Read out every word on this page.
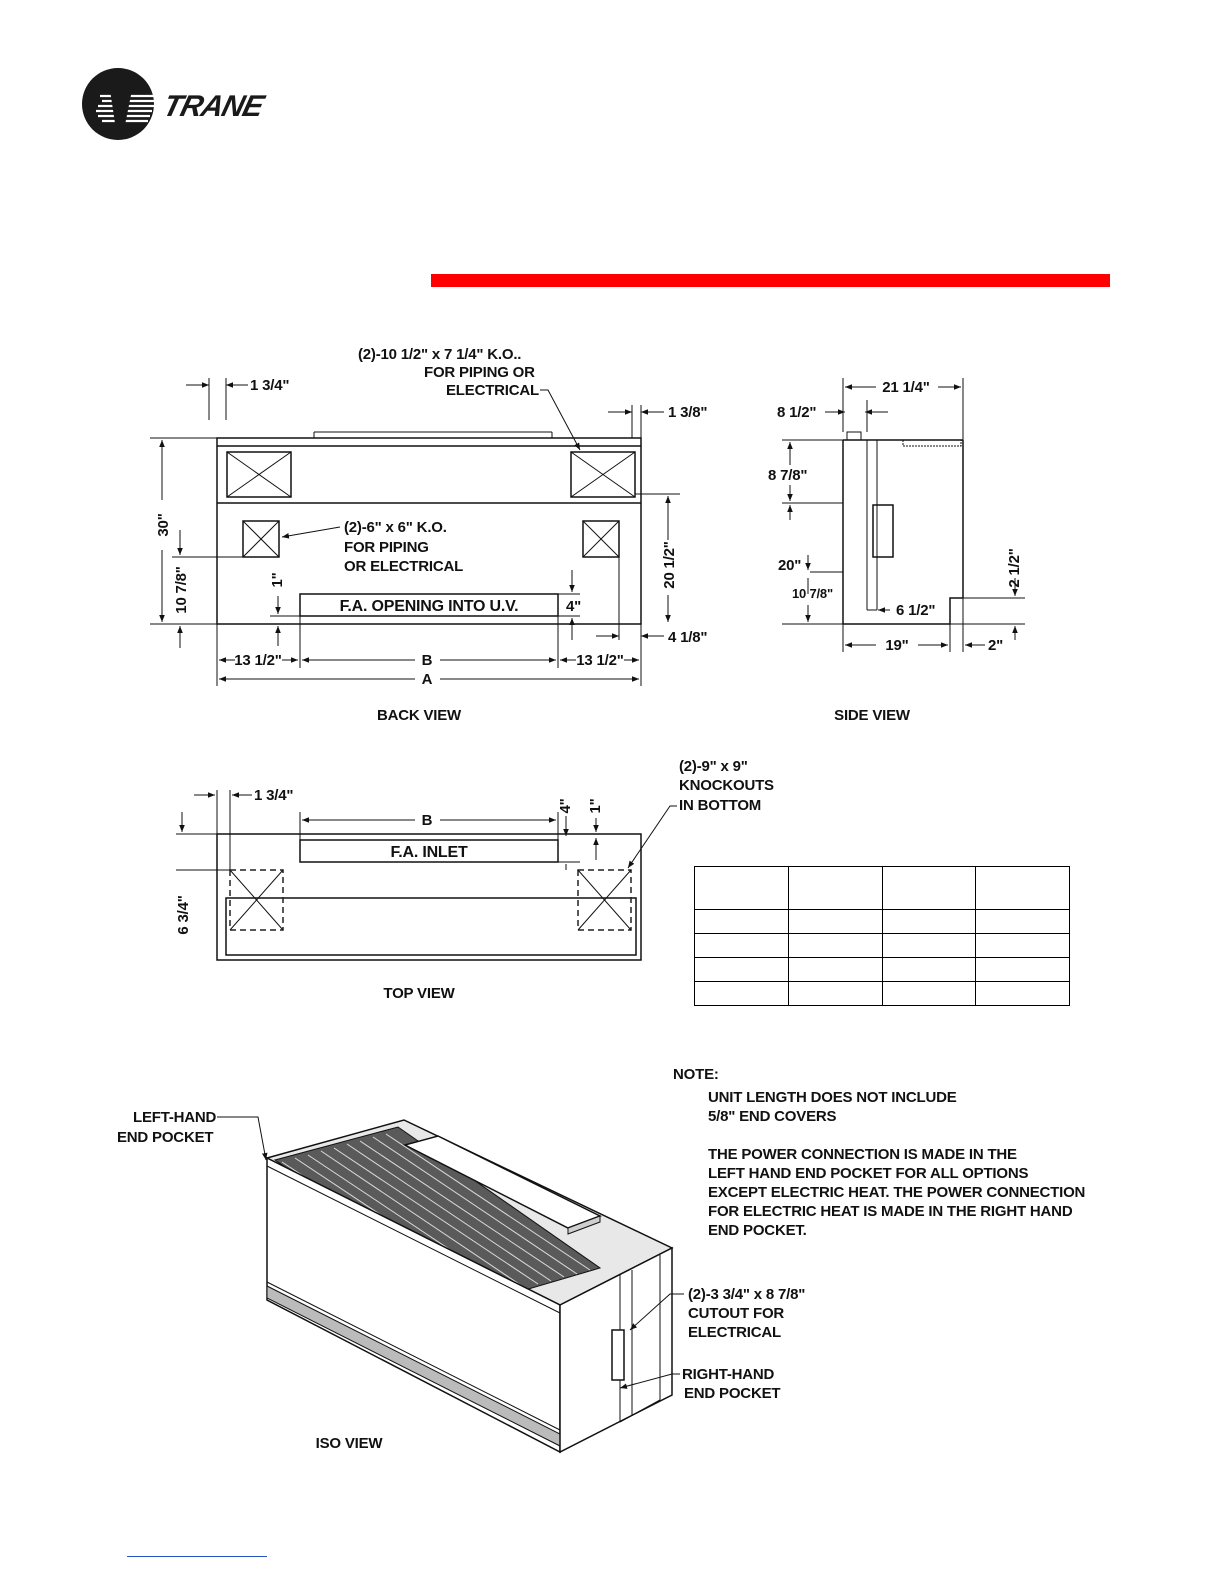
TRANE
F.A. OPENING INTO U.V.
(2)-10 1/2" x 7 1/4" K.O..
FOR PIPING OR
ELECTRICAL
(2)-6" x 6" K.O.
FOR PIPING
OR ELECTRICAL
1 3/4"
1 3/8"
30"
10 7/8"	1"
4"
20 1/2"
4 1/8"
13 1/2"	B	13 1/2"
A
BACK VIEW
21 1/4"
8 1/2"
8 7/8"
20"
10 7/8"
6 1/2"
2 1/2"
19"	2"
SIDE VIEW
F.A. INLET
(2)-9" x 9"
KNOCKOUTS
IN BOTTOM
1 3/4"
B
4" 1"
6 3/4"
TOP VIEW
LEFT-HAND
END POCKET
(2)-3 3/4" x 8 7/8"
CUTOUT FOR
ELECTRICAL
RIGHT-HAND
END POCKET
ISO VIEW
NOTE:
UNIT LENGTH DOES NOT INCLUDE
5/8" END COVERS
THE POWER CONNECTION IS MADE IN THE
LEFT HAND END POCKET FOR ALL OPTIONS
EXCEPT ELECTRIC HEAT. THE POWER CONNECTION
FOR ELECTRIC HEAT IS MADE IN THE RIGHT HAND
END POCKET.
